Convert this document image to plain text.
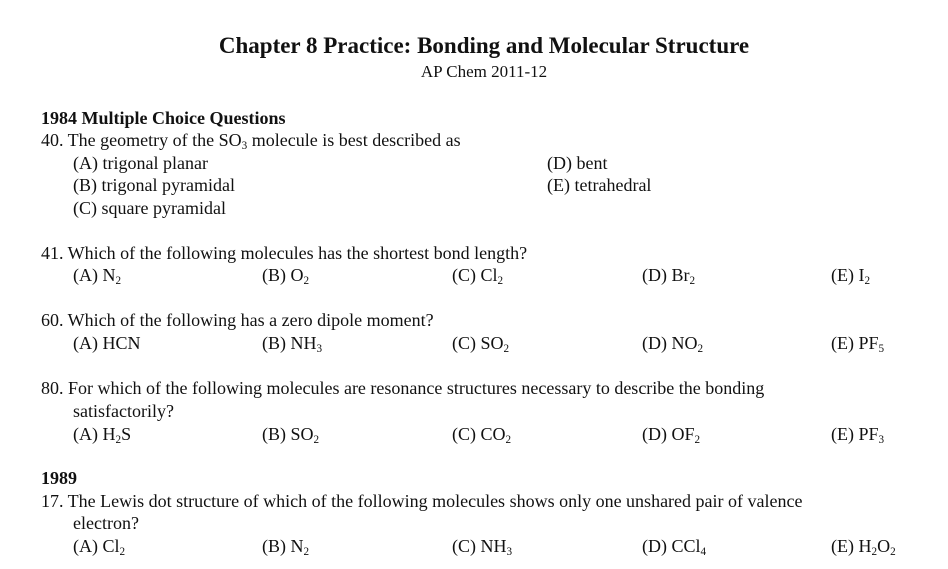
Chapter 8 Practice: Bonding and Molecular Structure
AP Chem 2011-12
1984 Multiple Choice Questions
40. The geometry of the $SO_3$ molecule is best described as
(A) trigonal planar
(B) trigonal pyramidal
(C) square pyramidal
(D) bent
(E) tetrahedral
41. Which of the following molecules has the shortest bond length?
(A) $N_2$	(B) $O_2$	(C) $Cl_2$	(D) $Br_2$	(E) $I_2$
60. Which of the following has a zero dipole moment?
(A) HCN	(B) $NH_3$	(C) $SO_2$	(D) $NO_2$	(E) $PF_5$
80. For which of the following molecules are resonance structures necessary to describe the bonding
satisfactorily?
(A) $H_2S$	(B) $SO_2$	(C) $CO_2$	(D) $OF_2$	(E) $PF_3$
1989
17. The Lewis dot structure of which of the following molecules shows only one unshared pair of valence
electron?
(A) $Cl_2$	(B) $N_2$	(C) $NH_3$	(D) CCl$_4$	(E) $H_2O_2$
